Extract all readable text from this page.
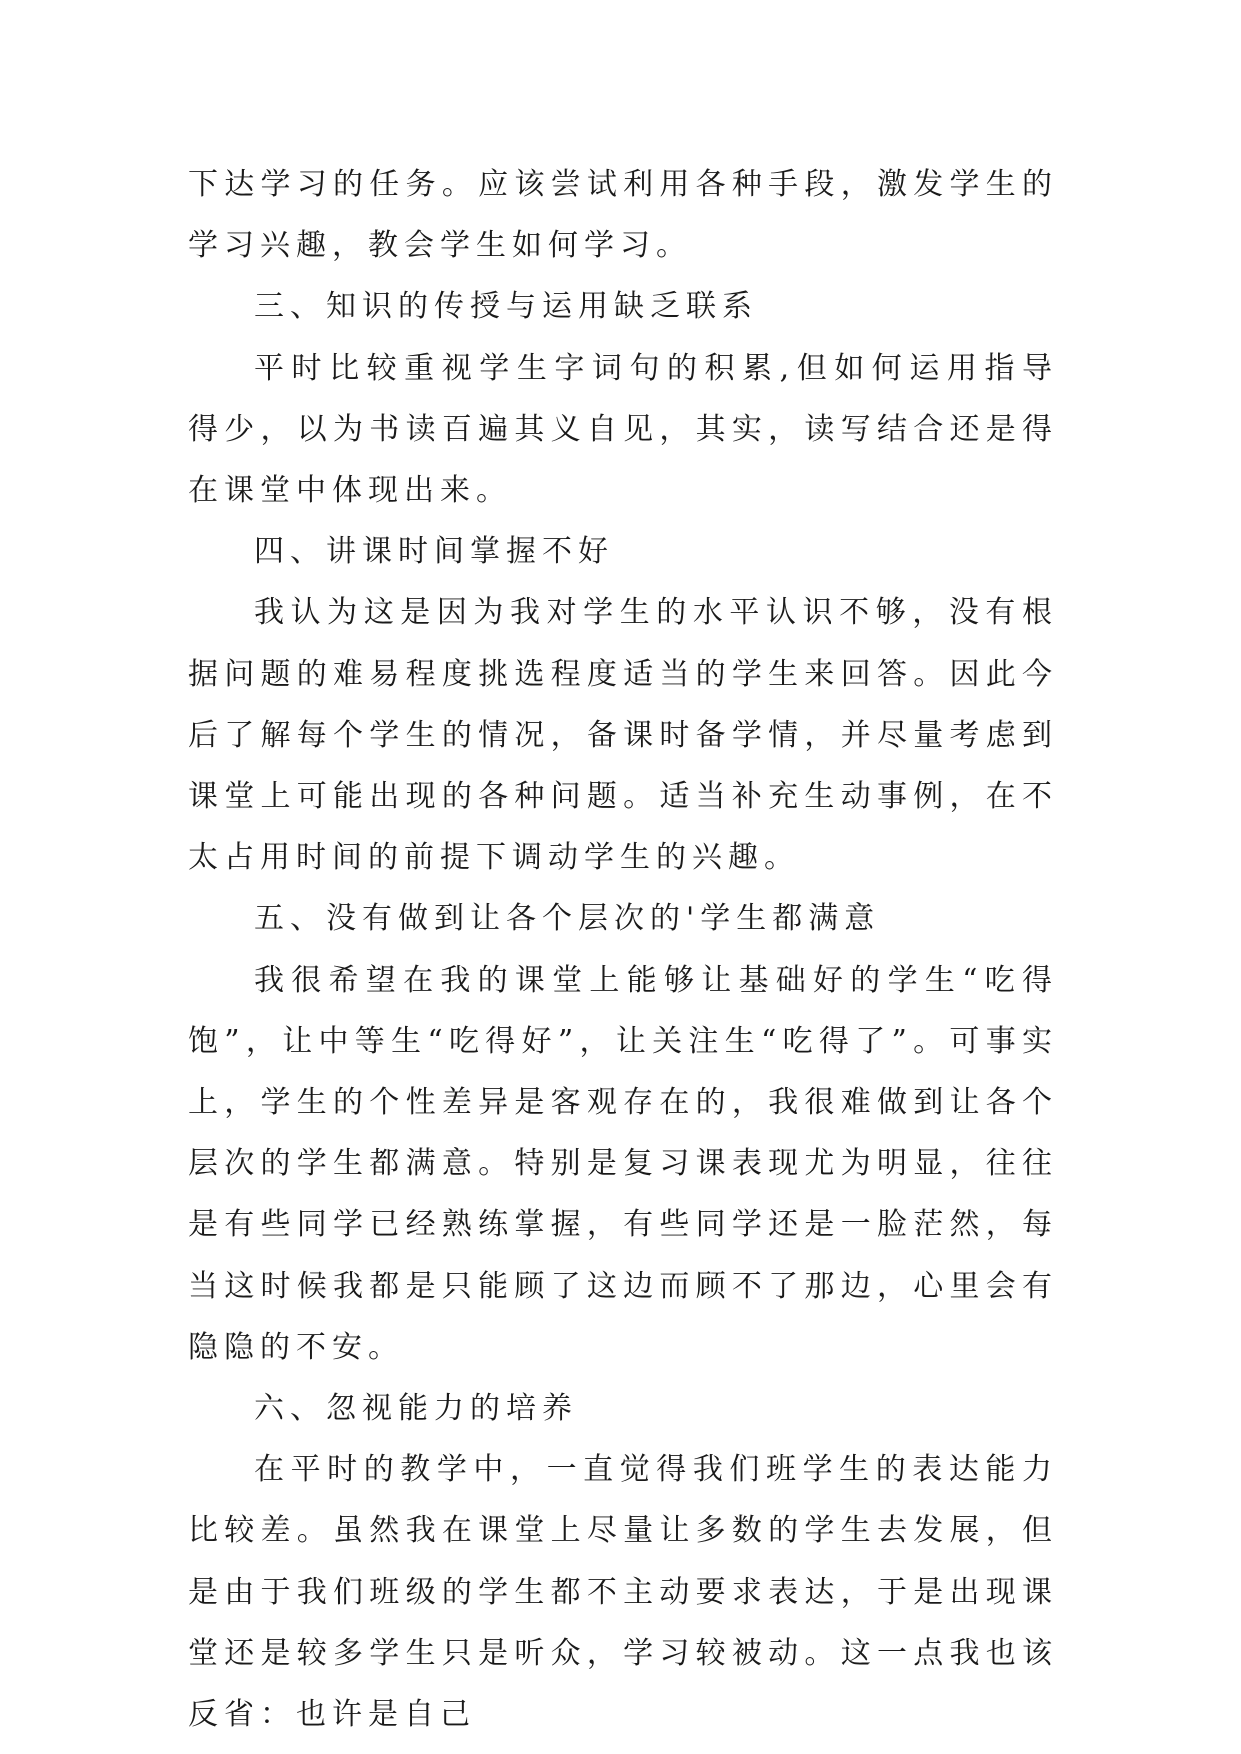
下达学习的任务。应该尝试利用各种手段，激发学生的学习兴趣，教会学生如何学习。

三、知识的传授与运用缺乏联系

平时比较重视学生字词句的积累,但如何运用指导得少，以为书读百遍其义自见，其实，读写结合还是得在课堂中体现出来。

四、讲课时间掌握不好

我认为这是因为我对学生的水平认识不够，没有根据问题的难易程度挑选程度适当的学生来回答。因此今后了解每个学生的情况，备课时备学情，并尽量考虑到课堂上可能出现的各种问题。适当补充生动事例，在不太占用时间的前提下调动学生的兴趣。

五、没有做到让各个层次的'学生都满意

我很希望在我的课堂上能够让基础好的学生“吃得饱”，让中等生“吃得好”，让关注生“吃得了”。可事实上，学生的个性差异是客观存在的，我很难做到让各个层次的学生都满意。特别是复习课表现尤为明显，往往是有些同学已经熟练掌握，有些同学还是一脸茫然，每当这时候我都是只能顾了这边而顾不了那边，心里会有隐隐的不安。

六、忽视能力的培养

在平时的教学中，一直觉得我们班学生的表达能力比较差。虽然我在课堂上尽量让多数的学生去发展，但是由于我们班级的学生都不主动要求表达，于是出现课堂还是较多学生只是听众，学习较被动。这一点我也该反省：也许是自己
